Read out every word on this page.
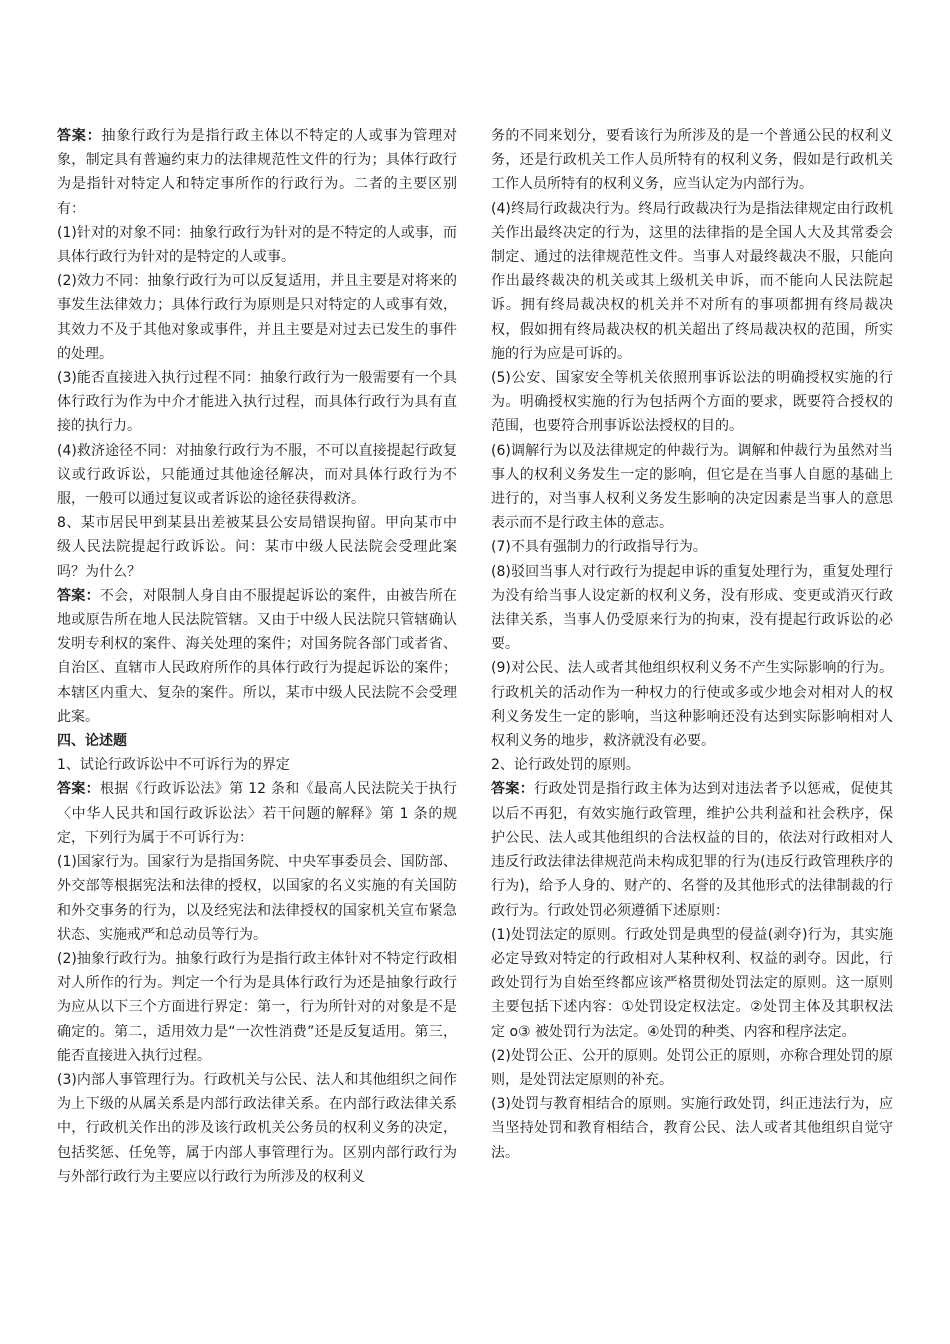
答案：抽象行政行为是指行政主体以不特定的人或事为管理对象，制定具有普遍约束力的法律规范性文件的行为；具体行政行为是指针对特定人和特定事所作的行政行为。二者的主要区别有：

(1)针对的对象不同：抽象行政行为针对的是不特定的人或事，而具体行政行为针对的是特定的人或事。

(2)效力不同：抽象行政行为可以反复适用，并且主要是对将来的事发生法律效力；具体行政行为原则是只对特定的人或事有效，其效力不及于其他对象或事件，并且主要是对过去已发生的事件的处理。

(3)能否直接进入执行过程不同：抽象行政行为一般需要有一个具体行政行为作为中介才能进入执行过程，而具体行政行为具有直接的执行力。

(4)救济途径不同：对抽象行政行为不服，不可以直接提起行政复议或行政诉讼，只能通过其他途径解决，而对具体行政行为不服，一般可以通过复议或者诉讼的途径获得救济。

8、某市居民甲到某县出差被某县公安局错误拘留。甲向某市中级人民法院提起行政诉讼。问：某市中级人民法院会受理此案吗？为什么？

答案：不会，对限制人身自由不服提起诉讼的案件，由被告所在地或原告所在地人民法院管辖。又由于中级人民法院只管辖确认发明专利权的案件、海关处理的案件；对国务院各部门或者省、自治区、直辖市人民政府所作的具体行政行为提起诉讼的案件；本辖区内重大、复杂的案件。所以，某市中级人民法院不会受理此案。

四、论述题

1、试论行政诉讼中不可诉行为的界定

答案：根据《行政诉讼法》第 12 条和《最高人民法院关于执行〈中华人民共和国行政诉讼法〉若干问题的解释》第 1 条的规定，下列行为属于不可诉行为：

(1)国家行为。国家行为是指国务院、中央军事委员会、国防部、外交部等根据宪法和法律的授权，以国家的名义实施的有关国防和外交事务的行为，以及经宪法和法律授权的国家机关宣布紧急状态、实施戒严和总动员等行为。

(2)抽象行政行为。抽象行政行为是指行政主体针对不特定行政相对人所作的行为。判定一个行为是具体行政行为还是抽象行政行为应从以下三个方面进行界定：第一，行为所针对的对象是不是确定的。第二，适用效力是“一次性消费”还是反复适用。第三，能否直接进入执行过程。

(3)内部人事管理行为。行政机关与公民、法人和其他组织之间作为上下级的从属关系是内部行政法律关系。在内部行政法律关系中，行政机关作出的涉及该行政机关公务员的权利义务的决定，包括奖惩、任免等，属于内部人事管理行为。区别内部行政行为与外部行政行为主要应以行政行为所涉及的权利义

务的不同来划分，要看该行为所涉及的是一个普通公民的权利义务，还是行政机关工作人员所特有的权利义务，假如是行政机关工作人员所特有的权利义务，应当认定为内部行为。

(4)终局行政裁决行为。终局行政裁决行为是指法律规定由行政机关作出最终决定的行为，这里的法律指的是全国人大及其常委会制定、通过的法律规范性文件。当事人对最终裁决不服，只能向作出最终裁决的机关或其上级机关申诉，而不能向人民法院起诉。拥有终局裁决权的机关并不对所有的事项都拥有终局裁决权，假如拥有终局裁决权的机关超出了终局裁决权的范围，所实施的行为应是可诉的。

(5)公安、国家安全等机关依照刑事诉讼法的明确授权实施的行为。明确授权实施的行为包括两个方面的要求，既要符合授权的范围，也要符合刑事诉讼法授权的目的。

(6)调解行为以及法律规定的仲裁行为。调解和仲裁行为虽然对当事人的权利义务发生一定的影响，但它是在当事人自愿的基础上进行的，对当事人权利义务发生影响的决定因素是当事人的意思表示而不是行政主体的意志。

(7)不具有强制力的行政指导行为。

(8)驳回当事人对行政行为提起申诉的重复处理行为，重复处理行为没有给当事人设定新的权利义务，没有形成、变更或消灭行政法律关系，当事人仍受原来行为的拘束，没有提起行政诉讼的必要。

(9)对公民、法人或者其他组织权利义务不产生实际影响的行为。行政机关的活动作为一种权力的行使或多或少地会对相对人的权利义务发生一定的影响，当这种影响还没有达到实际影响相对人权利义务的地步，救济就没有必要。

2、论行政处罚的原则。

答案：行政处罚是指行政主体为达到对违法者予以惩戒，促使其以后不再犯，有效实施行政管理，维护公共利益和社会秩序，保护公民、法人或其他组织的合法权益的目的，依法对行政相对人违反行政法律法律规范尚未构成犯罪的行为(违反行政管理秩序的行为)，给予人身的、财产的、名誉的及其他形式的法律制裁的行政行为。行政处罚必须遵循下述原则：

(1)处罚法定的原则。行政处罚是典型的侵益(剥夺)行为，其实施必定导致对特定的行政相对人某种权利、权益的剥夺。因此，行政处罚行为自始至终都应该严格贯彻处罚法定的原则。这一原则主要包括下述内容：①处罚设定权法定。②处罚主体及其职权法定 o③ 被处罚行为法定。④处罚的种类、内容和程序法定。

(2)处罚公正、公开的原则。处罚公正的原则，亦称合理处罚的原则，是处罚法定原则的补充。

(3)处罚与教育相结合的原则。实施行政处罚，纠正违法行为，应当坚持处罚和教育相结合，教育公民、法人或者其他组织自觉守法。
